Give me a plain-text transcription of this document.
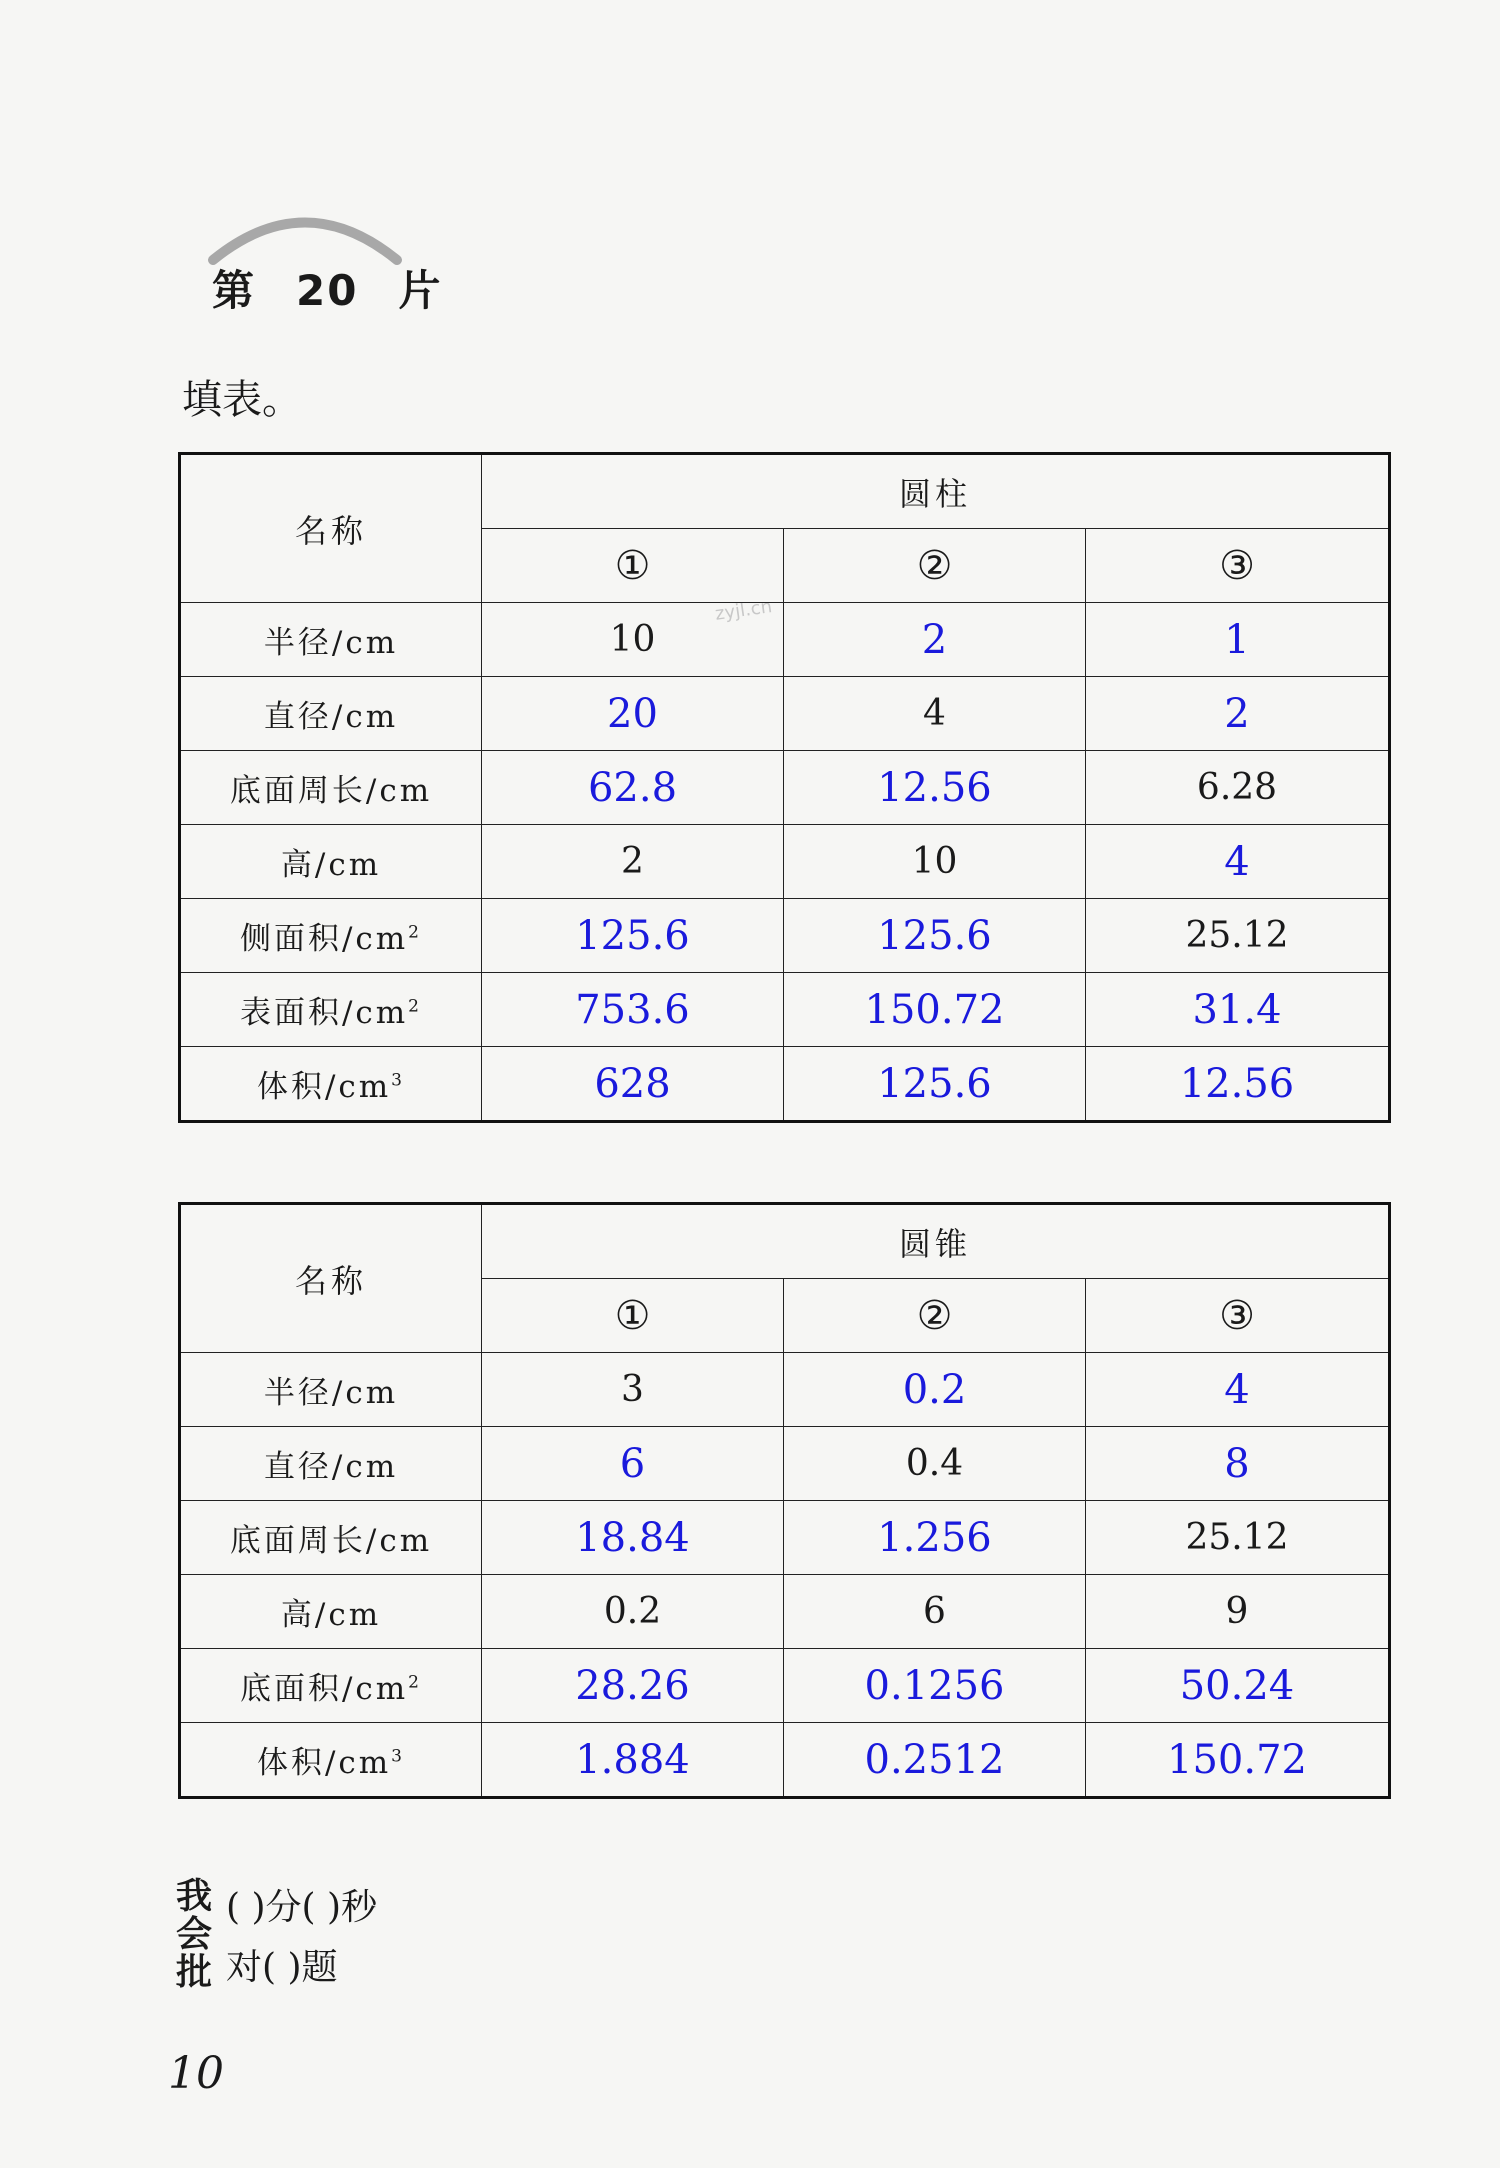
第 20 片
填表。
zyjl.cn
名称	圆柱		
	①	②	③
半径/cm	10	2	1
直径/cm	20	4	2
底面周长/cm	62.8	12.56	6.28
高/cm	2	10	4
侧面积$/cm^2$	125.6	125.6	25.12
表面积$/cm^2$	753.6	150.72	31.4
体积$/cm^3$	628	125.6	12.56
名称	圆锥		
	①	②	③
半径/cm	3	0.2	4
直径/cm	6	0.4	8
底面周长/cm	18.84	1.256	25.12
高/cm	0.2	6	9
底面积$/cm^2$	28.26	0.1256	50.24
体积$/cm^3$	1.884	0.2512	150.72
我会批
( )分( )秒
对( )题
10
